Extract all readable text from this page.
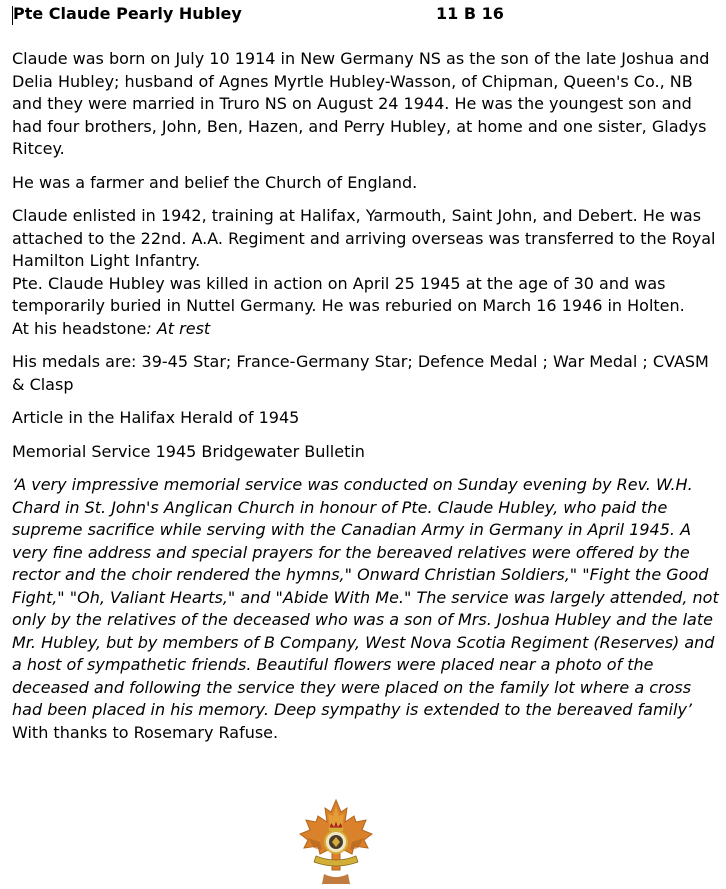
Pte Claude Pearly Hubley	11 B 16

Claude was born on July 10 1914 in New Germany NS as the son of the late Joshua and Delia Hubley; husband of Agnes Myrtle Hubley-Wasson, of Chipman, Queen's Co., NB and they were married in Truro NS on August 24 1944. He was the youngest son and had four brothers, John, Ben, Hazen, and Perry Hubley, at home and one sister, Gladys Ritcey.

He was a farmer and belief the Church of England.

Claude enlisted in 1942, training at Halifax, Yarmouth, Saint John, and Debert. He was attached to the 22nd. A.A. Regiment and arriving overseas was transferred to the Royal Hamilton Light Infantry.

Pte. Claude Hubley was killed in action on April 25 1945 at the age of 30 and was temporarily buried in Nuttel Germany. He was reburied on March 16 1946 in Holten.

At his headstone: At rest

His medals are: 39-45 Star; France-Germany Star; Defence Medal ; War Medal ; CVASM & Clasp

Article in the Halifax Herald of 1945

Memorial Service 1945 Bridgewater Bulletin

‘A very impressive memorial service was conducted on Sunday evening by Rev. W.H. Chard in St. John's Anglican Church in honour of Pte. Claude Hubley, who paid the supreme sacrifice while serving with the Canadian Army in Germany in April 1945. A very fine address and special prayers for the bereaved relatives were offered by the rector and the choir rendered the hymns," Onward Christian Soldiers," "Fight the Good Fight," "Oh, Valiant Hearts," and "Abide With Me." The service was largely attended, not only by the relatives of the deceased who was a son of Mrs. Joshua Hubley and the late Mr. Hubley, but by members of B Company, West Nova Scotia Regiment (Reserves) and a host of sympathetic friends. Beautiful flowers were placed near a photo of the deceased and following the service they were placed on the family lot where a cross had been placed in his memory. Deep sympathy is extended to the bereaved family’

With thanks to Rosemary Rafuse.
